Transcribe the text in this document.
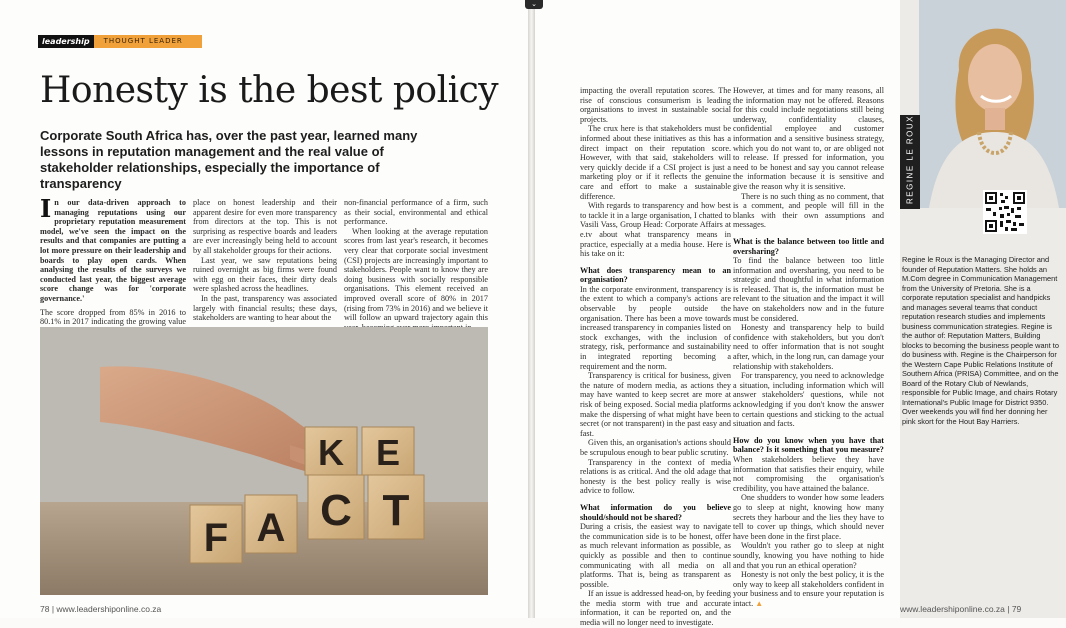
⌄
leadership	THOUGHT LEADER
Honesty is the best policy

Corporate South Africa has, over the past year, learned many lessons in reputation management and the real value of stakeholder relationships, especially the importance of transparency

In our data-driven approach to managing reputations using our proprietary reputation measurement model, we've seen the impact on the results and that companies are putting a lot more pressure on their leadership and boards to play open cards. When analysing the results of the surveys we conducted last year, the biggest average score change was for 'corporate governance.'

The score dropped from 85% in 2016 to 80.1% in 2017 indicating the growing value

place on honest leadership and their apparent desire for even more transparency from directors at the top. This is not surprising as respective boards and leaders are ever increasingly being held to account by all stakeholder groups for their actions.

Last year, we saw reputations being ruined overnight as big firms were found with egg on their faces, their dirty deals were splashed across the headlines.

In the past, transparency was associated largely with financial results; these days, stakeholders are wanting to hear about the

non-financial performance of a firm, such as their social, environmental and ethical performance.

When looking at the average reputation scores from last year's research, it becomes very clear that corporate social investment (CSI) projects are increasingly important to stakeholders. People want to know they are doing business with socially responsible organisations. This element received an improved overall score of 80% in 2017 (rising from 73% in 2016) and we believe it will follow an upward trajectory again this

F A C T
K E

impacting the overall reputation scores. The rise of conscious consumerism is leading organisations to invest in sustainable social projects.

The crux here is that stakeholders must be informed about these initiatives as this has a direct impact on their reputation score. However, with that said, stakeholders will very quickly decide if a CSI project is just a marketing ploy or if it reflects the genuine care and effort to make a sustainable difference.

With regards to transparency and how best to tackle it in a large organisation, I chatted to Vasili Vass, Group Head: Corporate Affairs at e.tv about what transparency means in practice, especially at a media house. Here is his take on it:

What does transparency mean to an organisation?

In the corporate environment, transparency is the extent to which a company's actions are observable by people outside the organisation. There has been a move towards increased transparency in companies listed on stock exchanges, with the inclusion of strategy, risk, performance and sustainability in integrated reporting becoming a requirement and the norm.

Transparency is critical for business, given the nature of modern media, as actions they may have wanted to keep secret are more at risk of being exposed. Social media platforms make the dispersing of what might have been secret (or not transparent) in the past easy and fast.

Given this, an organisation's actions should be scrupulous enough to bear public scrutiny.

Transparency in the context of media relations is as critical. And the old adage that honesty is the best policy really is wise advice to follow.

What information do you believe should/should not be shared?

During a crisis, the easiest way to navigate the communication side is to be honest, offer as much relevant information as possible, as quickly as possible and then to continue communicating with all media on all platforms. That is, being as transparent as possible.

If an issue is addressed head-on, by feeding the media storm with true and accurate information, it can be reported on, and the media will no longer need to investigate.

However, at times and for many reasons, all the information may not be offered. Reasons for this could include negotiations still being underway, confidentiality clauses, confidential employee and customer information and a sensitive business strategy, which you do not want to, or are obliged not to release. If pressed for information, you need to be honest and say you cannot release the information because it is sensitive and give the reason why it is sensitive.

There is no such thing as no comment, that is a comment, and people will fill in the blanks with their own assumptions and messages.

What is the balance between too little and oversharing?

To find the balance between too little information and oversharing, you need to be strategic and thoughtful in what information is released. That is, the information must be relevant to the situation and the impact it will have on stakeholders now and in the future must be considered.

Honesty and transparency help to build confidence with stakeholders, but you don't need to offer information that is not sought after, which, in the long run, can damage your relationship with stakeholders.

For transparency, you need to acknowledge a situation, including information which will answer stakeholders' questions, while not acknowledging if you don't know the answer to certain questions and sticking to the actual situation and facts.

How do you know when you have that balance? Is it something that you measure?

When stakeholders believe they have information that satisfies their enquiry, while not compromising the organisation's credibility, you have attained the balance.

One shudders to wonder how some leaders go to sleep at night, knowing how many secrets they harbour and the lies they have to tell to cover up things, which should never have been done in the first place.

Wouldn't you rather go to sleep at night soundly, knowing you have nothing to hide and that you run an ethical operation?

Honesty is not only the best policy, it is the only way to keep all stakeholders confident in your business and to ensure your reputation is intact. ▲

REGINE LE ROUX

Regine le Roux is the Managing Director and founder of Reputation Matters. She holds an M.Com degree in Communication Management from the University of Pretoria. She is a corporate reputation specialist and handpicks and manages several teams that conduct reputation research studies and implements business communication strategies. Regine is the author of: Reputation Matters, Building blocks to becoming the business people want to do business with. Regine is the Chairperson for the Western Cape Public Relations Institute of Southern Africa (PRISA) Committee, and on the Board of the Rotary Club of Newlands, responsible for Public Image, and chairs Rotary International's Public Image for District 9350. Over weekends you will find her donning her pink skort for the Hout Bay Harriers.

78 | www.leadershiponline.co.za	www.leadershiponline.co.za | 79
